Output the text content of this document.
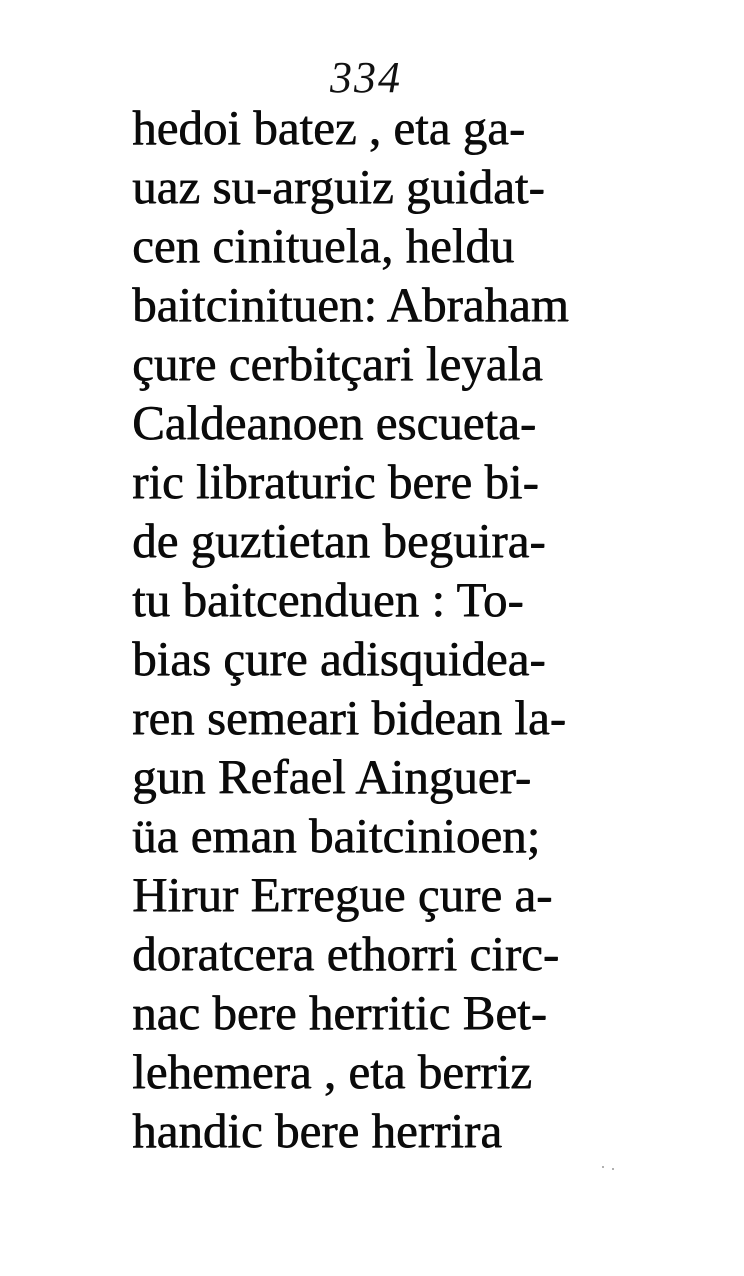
334
hedoi batez , eta ga-
uaz su-arguiz guidat-
cen cinituela, heldu
baitcinituen: Abraham
çure cerbitçari leyala
Caldeanoen escueta-
ric libraturic bere bi-
de guztietan beguira-
tu baitcenduen : To-
bias çure adisquidea-
ren semeari bidean la-
gun Refael Ainguer-
üa eman baitcinioen;
Hirur Erregue çure a-
doratcera ethorri circ-
nac bere herritic Bet-
lehemera , eta berriz
handic bere herrira
